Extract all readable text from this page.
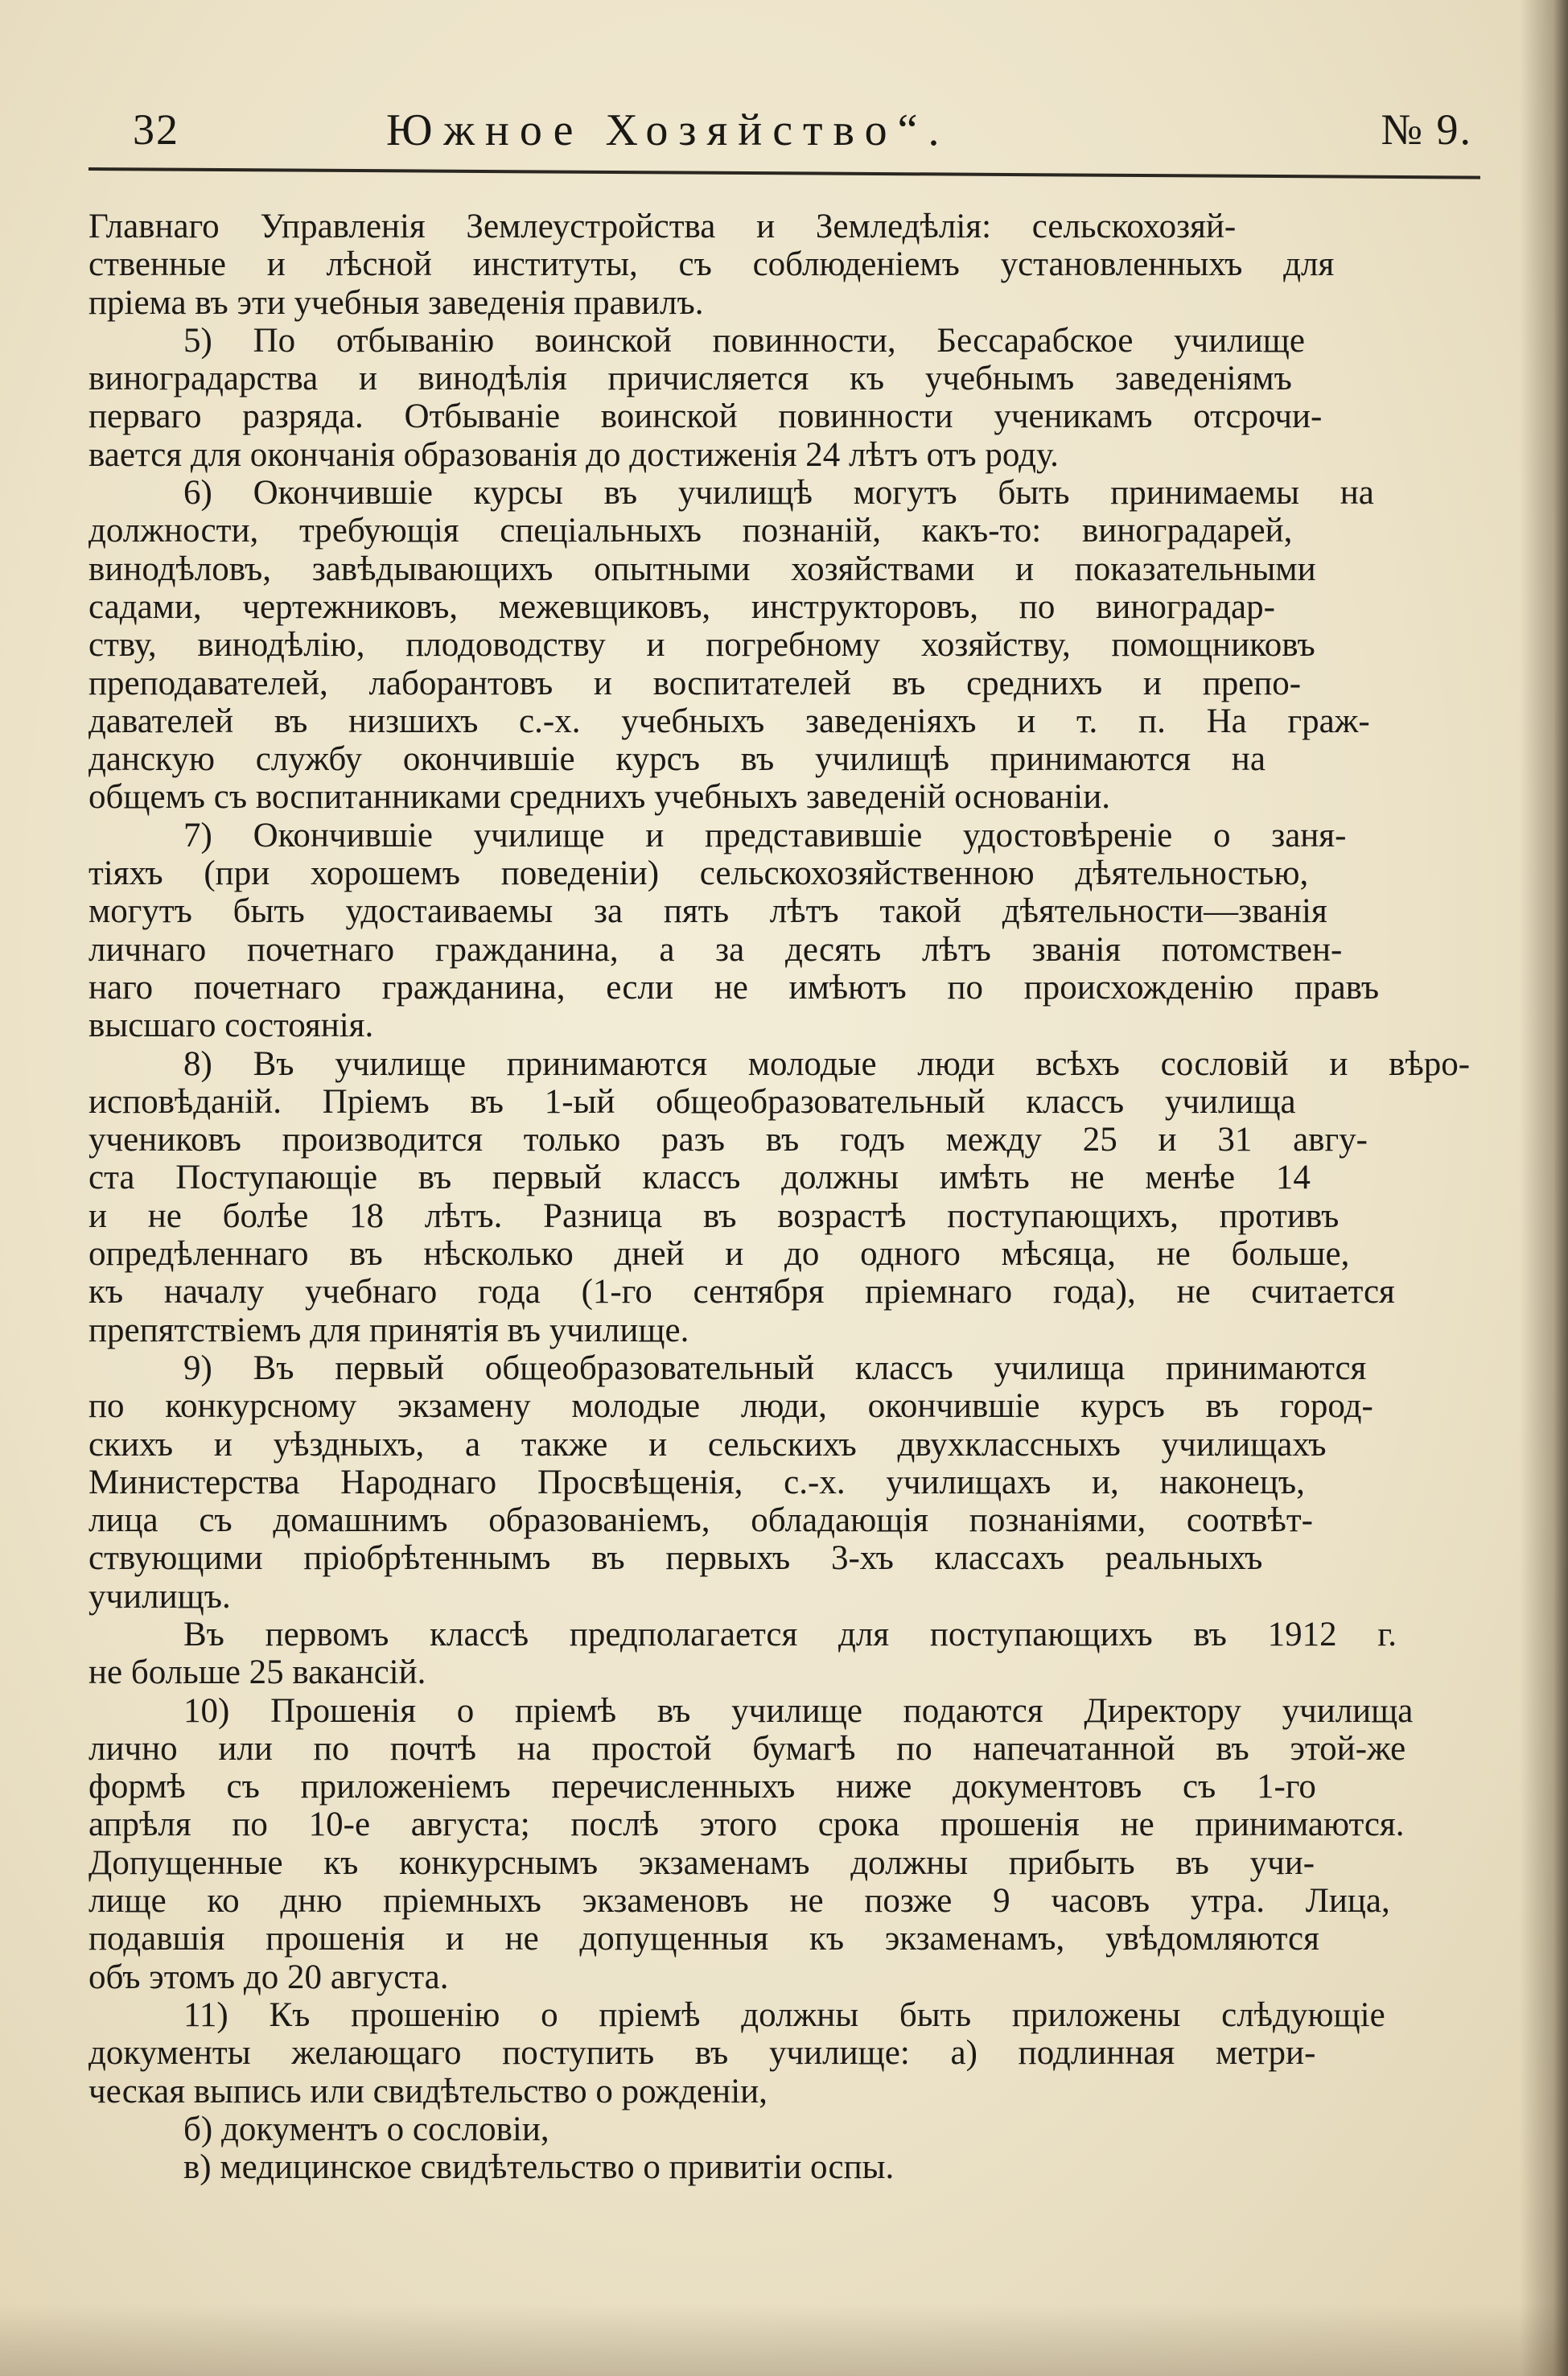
32	Южное Хозяйство“.	№ 9.
Главнаго Управленія Землеустройства и Земледѣлія: сельскохозяй-
ственные и лѣсной институты, съ соблюденіемъ установленныхъ для
пріема въ эти учебныя заведенія правилъ.
5) По отбыванію воинской повинности, Бессарабское училище
виноградарства и винодѣлія причисляется къ учебнымъ заведеніямъ
перваго разряда. Отбываніе воинской повинности ученикамъ отсрочи-
вается для окончанія образованія до достиженія 24 лѣтъ отъ роду.
6) Окончившіе курсы въ училищѣ могутъ быть принимаемы на
должности, требующія спеціальныхъ познаній, какъ-то: виноградарей,
винодѣловъ, завѣдывающихъ опытными хозяйствами и показательными
садами, чертежниковъ, межевщиковъ, инструкторовъ, по виноградар-
ству, винодѣлію, плодоводству и погребному хозяйству, помощниковъ
преподавателей, лаборантовъ и воспитателей въ среднихъ и препо-
давателей въ низшихъ с.-х. учебныхъ заведеніяхъ и т. п. На граж-
данскую службу окончившіе курсъ въ училищѣ принимаются на
общемъ съ воспитанниками среднихъ учебныхъ заведеній основаніи.
7) Окончившіе училище и представившіе удостовѣреніе о заня-
тіяхъ (при хорошемъ поведеніи) сельскохозяйственною дѣятельностью,
могутъ быть удостаиваемы за пять лѣтъ такой дѣятельности—званія
личнаго почетнаго гражданина, а за десять лѣтъ званія потомствен-
наго почетнаго гражданина, если не имѣютъ по происхожденію правъ
высшаго состоянія.
8) Въ училище принимаются молодые люди всѣхъ сословій и вѣро-
исповѣданій. Пріемъ въ 1-ый общеобразовательный классъ училища
учениковъ производится только разъ въ годъ между 25 и 31 авгу-
ста Поступающіе въ первый классъ должны имѣть не менѣе 14
и не болѣе 18 лѣтъ. Разница въ возрастѣ поступающихъ, противъ
опредѣленнаго въ нѣсколько дней и до одного мѣсяца, не больше,
къ началу учебнаго года (1-го сентября пріемнаго года), не считается
препятствіемъ для принятія въ училище.
9) Въ первый общеобразовательный классъ училища принимаются
по конкурсному экзамену молодые люди, окончившіе курсъ въ город-
скихъ и уѣздныхъ, а также и сельскихъ двухклассныхъ училищахъ
Министерства Народнаго Просвѣщенія, с.-х. училищахъ и, наконецъ,
лица съ домашнимъ образованіемъ, обладающія познаніями, соотвѣт-
ствующими пріобрѣтеннымъ въ первыхъ 3-хъ классахъ реальныхъ
училищъ.
Въ первомъ классѣ предполагается для поступающихъ въ 1912 г.
не больше 25 вакансій.
10) Прошенія о пріемѣ въ училище подаются Директору училища
лично или по почтѣ на простой бумагѣ по напечатанной въ этой-же
формѣ съ приложеніемъ перечисленныхъ ниже документовъ съ 1-го
апрѣля по 10-е августа; послѣ этого срока прошенія не принимаются.
Допущенные къ конкурснымъ экзаменамъ должны прибыть въ учи-
лище ко дню пріемныхъ экзаменовъ не позже 9 часовъ утра. Лица,
подавшія прошенія и не допущенныя къ экзаменамъ, увѣдомляются
объ этомъ до 20 августа.
11) Къ прошенію о пріемѣ должны быть приложены слѣдующіе
документы желающаго поступить въ училище: а) подлинная метри-
ческая выпись или свидѣтельство о рожденіи,
б) документъ о сословіи,
в) медицинское свидѣтельство о привитіи оспы.
